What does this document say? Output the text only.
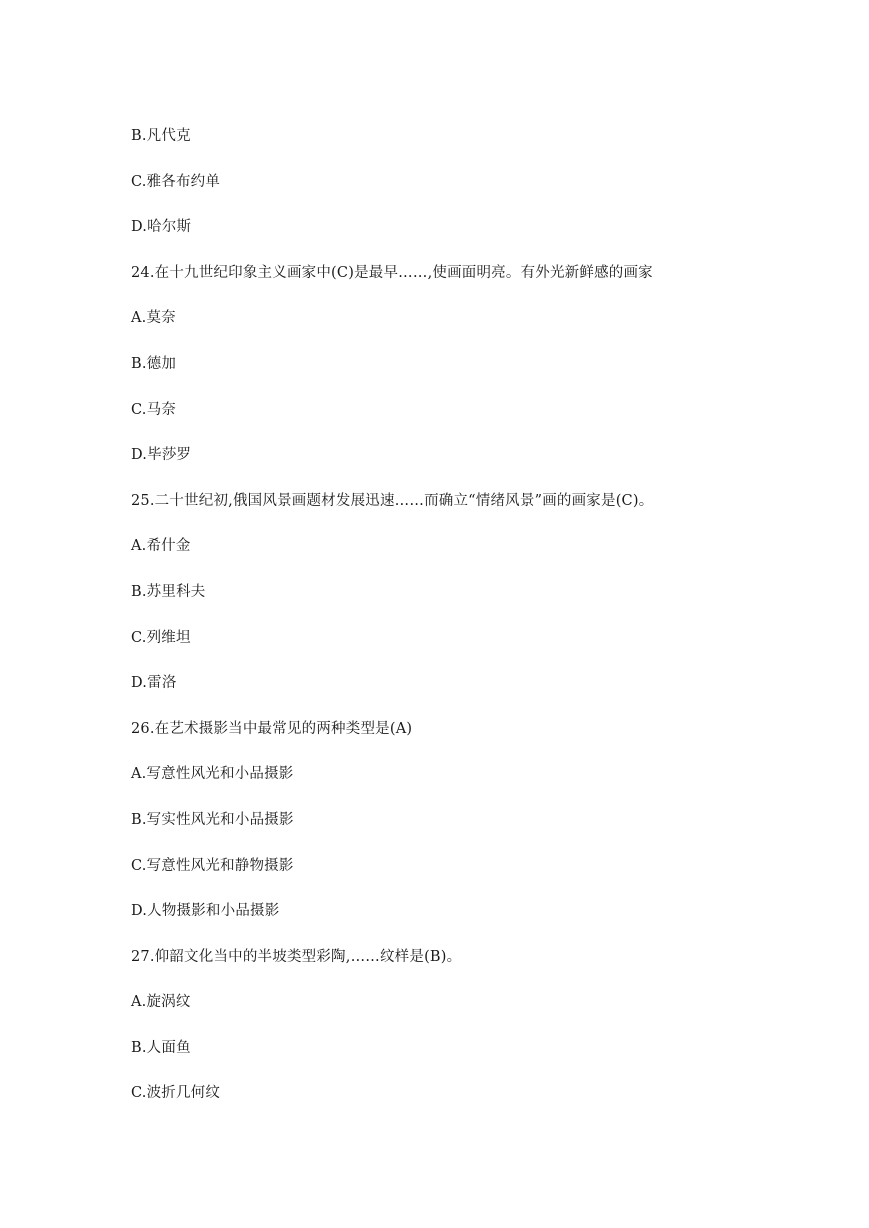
B.凡代克

C.雅各布约单

D.哈尔斯

24.在十九世纪印象主义画家中(C)是最早……,使画面明亮。有外光新鲜感的画家

A.莫奈

B.德加

C.马奈

D.毕莎罗

25.二十世纪初,俄国风景画题材发展迅速……而确立“情绪风景”画的画家是(C)。

A.希什金

B.苏里科夫

C.列维坦

D.雷洛

26.在艺术摄影当中最常见的两种类型是(A)

A.写意性风光和小品摄影

B.写实性风光和小品摄影

C.写意性风光和静物摄影

D.人物摄影和小品摄影

27.仰韶文化当中的半坡类型彩陶,……纹样是(B)。

A.旋涡纹

B.人面鱼

C.波折几何纹
